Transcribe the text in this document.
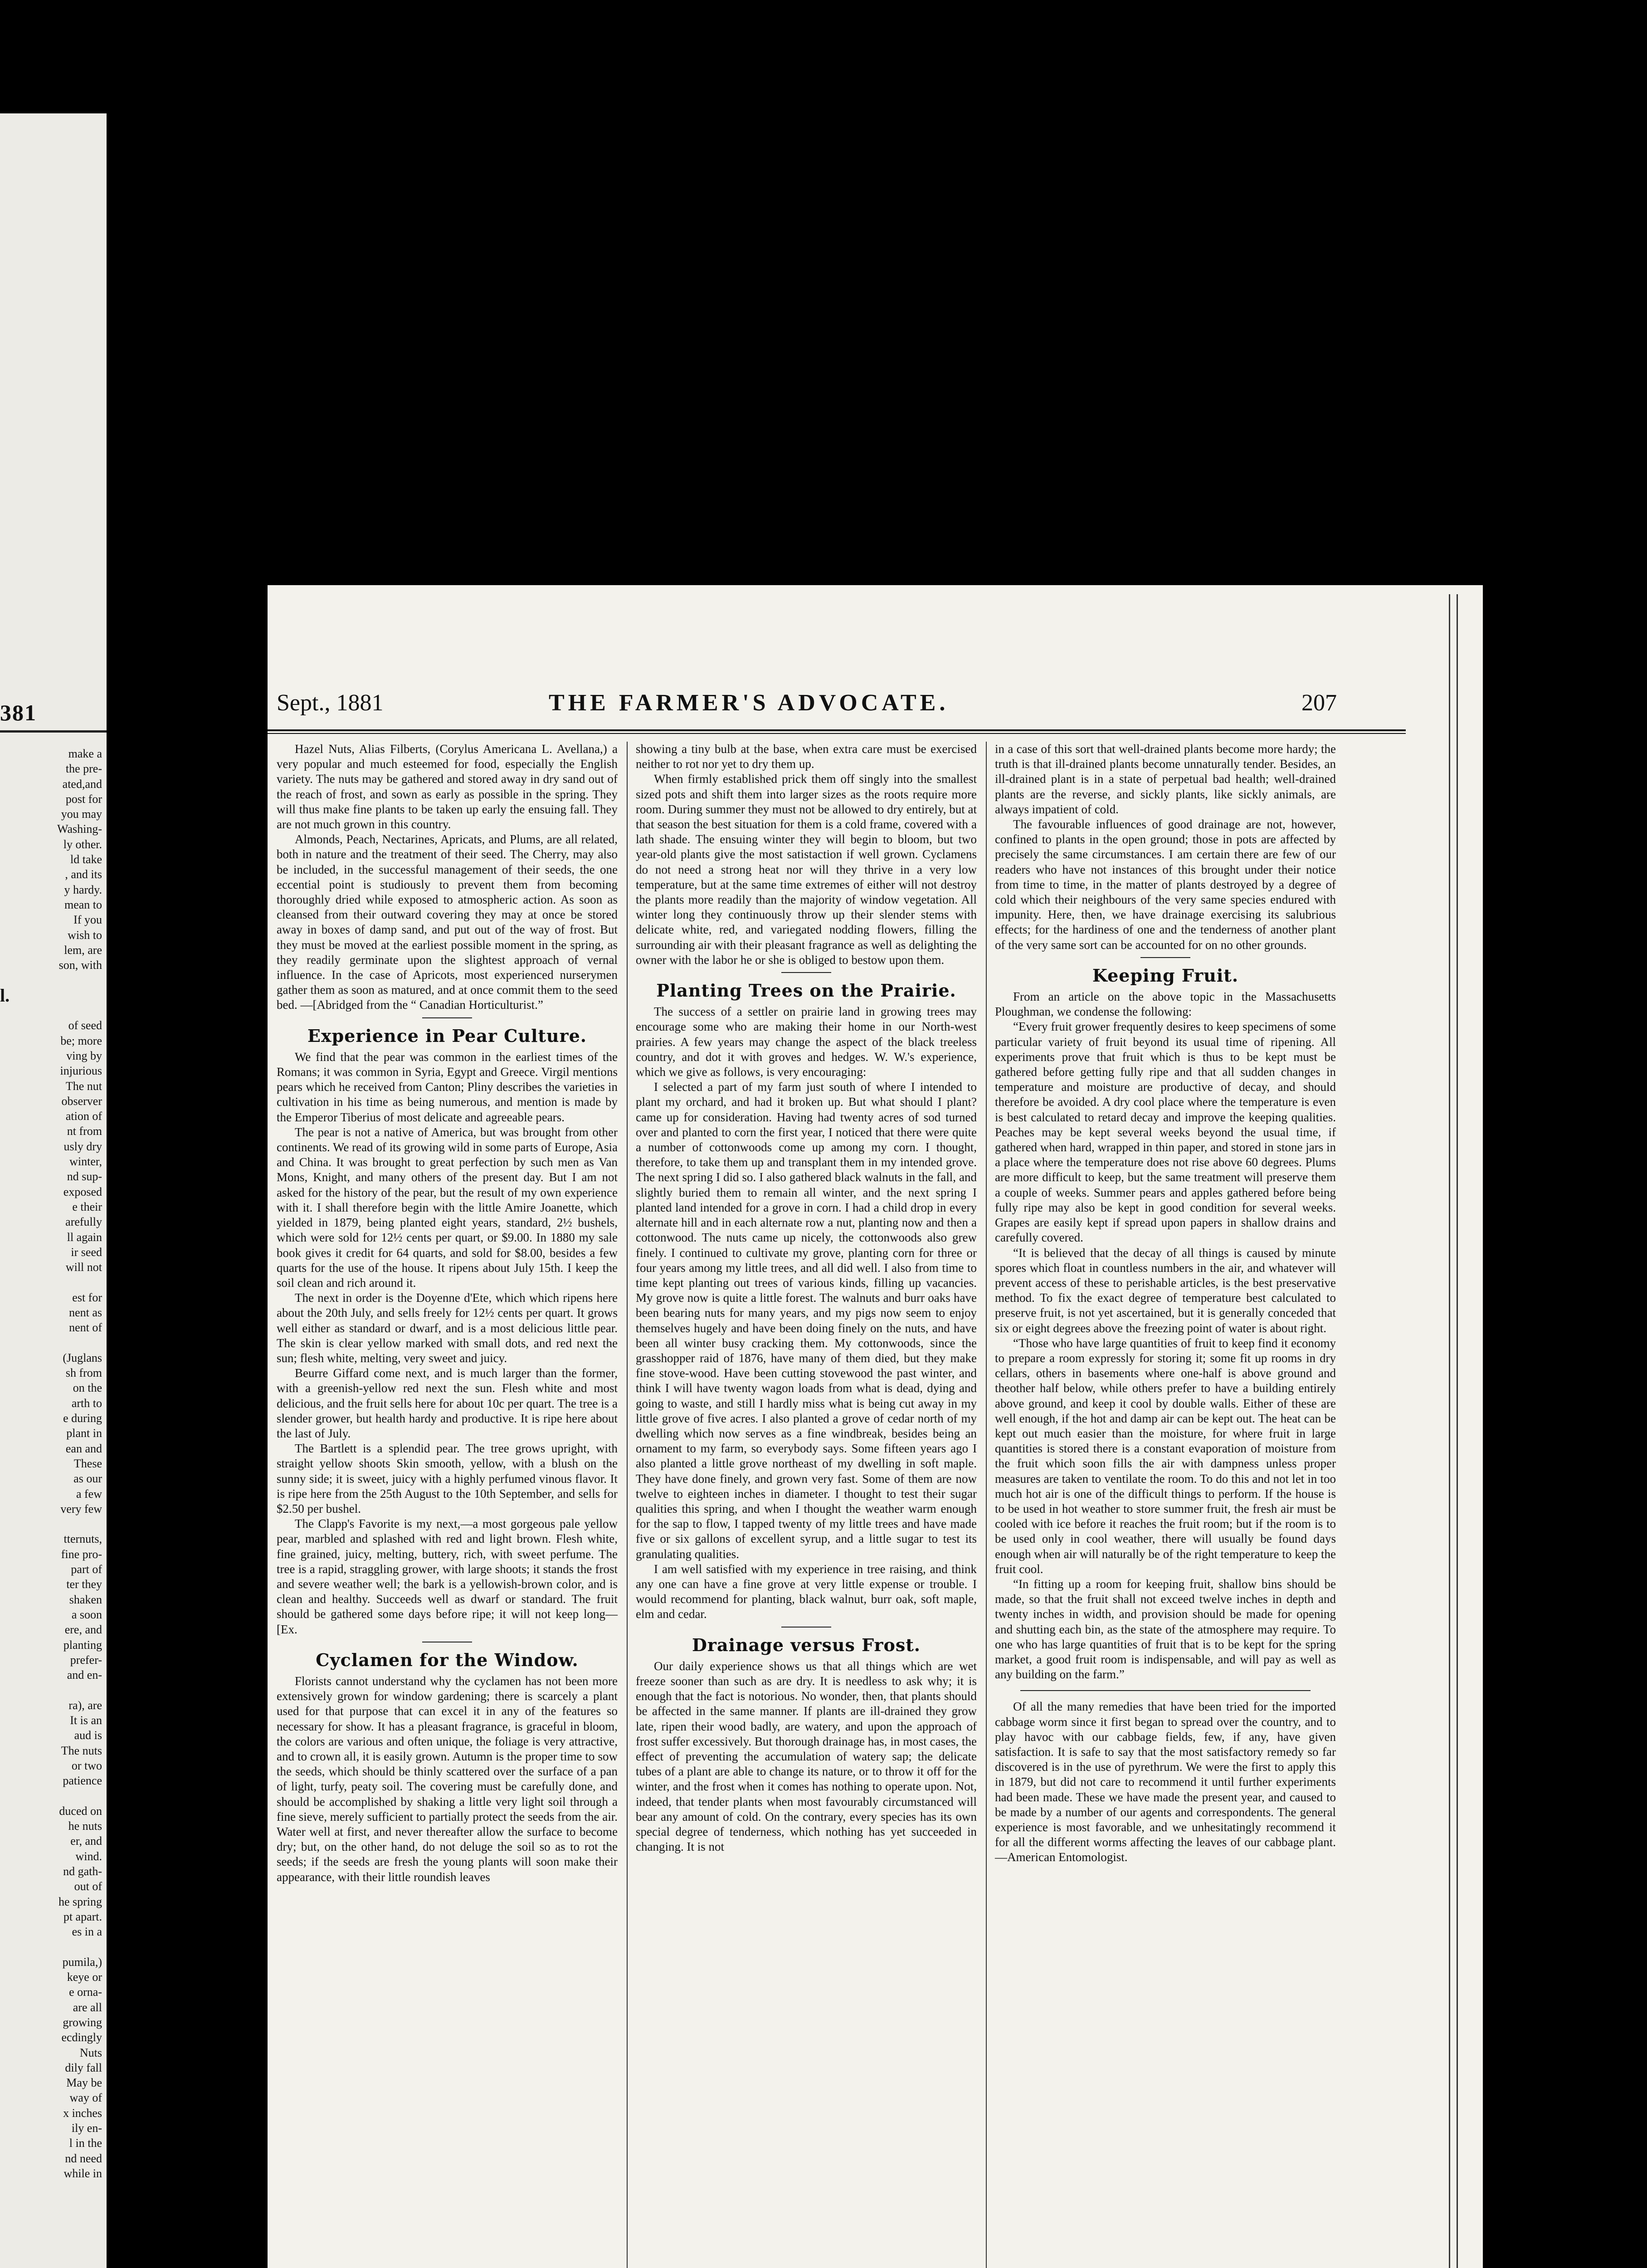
381
make a
the pre-
ated,and
post for
you may
Washing-
ly other.
ld take
, and its
y hardy.
mean to
If you
wish to
lem, are
son, with
l.
of seed
be; more
ving by
injurious
The nut
observer
ation of
nt from
usly dry
winter,
nd sup-
exposed
e their
arefully
ll again
ir seed
will not
est for
nent as
nent of
(Juglans
sh from
on the
arth to
e during
plant in
ean and
These
as our
a few
very few
tternuts,
fine pro-
part of
ter they
shaken
a soon
ere, and
planting
prefer-
and en-
ra), are
It is an
aud is
The nuts
or two
patience
duced on
he nuts
er, and
wind.
nd gath-
out of
he spring
pt apart.
es in a
pumila,)
keye or
e orna-
are all
growing
ecdingly
Nuts
dily fall
May be
way of
x inches
ily en-
l in the
nd need
while in
Sept., 1881	THE FARMER'S ADVOCATE.	207

Hazel Nuts, Alias Filberts, (Corylus Americana L. Avellana,) a very popular and much esteemed for food, especially the English variety. The nuts may be gathered and stored away in dry sand out of the reach of frost, and sown as early as possible in the spring. They will thus make fine plants to be taken up early the ensuing fall. They are not much grown in this country.

Almonds, Peach, Nectarines, Apricats, and Plums, are all related, both in nature and the treatment of their seed. The Cherry, may also be included, in the successful management of their seeds, the one eccential point is studiously to prevent them from becoming thoroughly dried while exposed to atmospheric action. As soon as cleansed from their outward covering they may at once be stored away in boxes of damp sand, and put out of the way of frost. But they must be moved at the earliest possible moment in the spring, as they readily germinate upon the slightest approach of vernal influence. In the case of Apricots, most experienced nurserymen gather them as soon as matured, and at once commit them to the seed bed. —[Abridged from the “ Canadian Horticulturist.”

Experience in Pear Culture.

We find that the pear was common in the earliest times of the Romans; it was common in Syria, Egypt and Greece. Virgil mentions pears which he received from Canton; Pliny describes the varieties in cultivation in his time as being numerous, and mention is made by the Emperor Tiberius of most delicate and agreeable pears.

The pear is not a native of America, but was brought from other continents. We read of its growing wild in some parts of Europe, Asia and China. It was brought to great perfection by such men as Van Mons, Knight, and many others of the present day. But I am not asked for the history of the pear, but the result of my own experience with it. I shall therefore begin with the little Amire Joanette, which yielded in 1879, being planted eight years, standard, 2½ bushels, which were sold for 12½ cents per quart, or $9.00. In 1880 my sale book gives it credit for 64 quarts, and sold for $8.00, besides a few quarts for the use of the house. It ripens about July 15th. I keep the soil clean and rich around it.

The next in order is the Doyenne d'Ete, which which ripens here about the 20th July, and sells freely for 12½ cents per quart. It grows well either as standard or dwarf, and is a most delicious little pear. The skin is clear yellow marked with small dots, and red next the sun; flesh white, melting, very sweet and juicy.

Beurre Giffard come next, and is much larger than the former, with a greenish-yellow red next the sun. Flesh white and most delicious, and the fruit sells here for about 10c per quart. The tree is a slender grower, but health hardy and productive. It is ripe here about the last of July.

The Bartlett is a splendid pear. The tree grows upright, with straight yellow shoots Skin smooth, yellow, with a blush on the sunny side; it is sweet, juicy with a highly perfumed vinous flavor. It is ripe here from the 25th August to the 10th September, and sells for $2.50 per bushel.

The Clapp's Favorite is my next,—a most gorgeous pale yellow pear, marbled and splashed with red and light brown. Flesh white, fine grained, juicy, melting, buttery, rich, with sweet perfume. The tree is a rapid, straggling grower, with large shoots; it stands the frost and severe weather well; the bark is a yellowish-brown color, and is clean and healthy. Succeeds well as dwarf or standard. The fruit should be gathered some days before ripe; it will not keep long—[Ex.

Cyclamen for the Window.

Florists cannot understand why the cyclamen has not been more extensively grown for window gardening; there is scarcely a plant used for that purpose that can excel it in any of the features so necessary for show. It has a pleasant fragrance, is graceful in bloom, the colors are various and often unique, the foliage is very attractive, and to crown all, it is easily grown. Autumn is the proper time to sow the seeds, which should be thinly scattered over the surface of a pan of light, turfy, peaty soil. The covering must be carefully done, and should be accomplished by shaking a little very light soil through a fine sieve, merely sufficient to partially protect the seeds from the air. Water well at first, and never thereafter allow the surface to become dry; but, on the other hand, do not deluge the soil so as to rot the seeds; if the seeds are fresh the young plants will soon make their appearance, with their little roundish leaves

showing a tiny bulb at the base, when extra care must be exercised neither to rot nor yet to dry them up.

When firmly established prick them off singly into the smallest sized pots and shift them into larger sizes as the roots require more room. During summer they must not be allowed to dry entirely, but at that season the best situation for them is a cold frame, covered with a lath shade. The ensuing winter they will begin to bloom, but two year-old plants give the most satistaction if well grown. Cyclamens do not need a strong heat nor will they thrive in a very low temperature, but at the same time extremes of either will not destroy the plants more readily than the majority of window vegetation. All winter long they continuously throw up their slender stems with delicate white, red, and variegated nodding flowers, filling the surrounding air with their pleasant fragrance as well as delighting the owner with the labor he or she is obliged to bestow upon them.

Planting Trees on the Prairie.

The success of a settler on prairie land in growing trees may encourage some who are making their home in our North-west prairies. A few years may change the aspect of the black treeless country, and dot it with groves and hedges. W. W.'s experience, which we give as follows, is very encouraging:

I selected a part of my farm just south of where I intended to plant my orchard, and had it broken up. But what should I plant? came up for consideration. Having had twenty acres of sod turned over and planted to corn the first year, I noticed that there were quite a number of cottonwoods come up among my corn. I thought, therefore, to take them up and transplant them in my intended grove. The next spring I did so. I also gathered black walnuts in the fall, and slightly buried them to remain all winter, and the next spring I planted land intended for a grove in corn. I had a child drop in every alternate hill and in each alternate row a nut, planting now and then a cottonwood. The nuts came up nicely, the cottonwoods also grew finely. I continued to cultivate my grove, planting corn for three or four years among my little trees, and all did well. I also from time to time kept planting out trees of various kinds, filling up vacancies. My grove now is quite a little forest. The walnuts and burr oaks have been bearing nuts for many years, and my pigs now seem to enjoy themselves hugely and have been doing finely on the nuts, and have been all winter busy cracking them. My cottonwoods, since the grasshopper raid of 1876, have many of them died, but they make fine stove-wood. Have been cutting stovewood the past winter, and think I will have twenty wagon loads from what is dead, dying and going to waste, and still I hardly miss what is being cut away in my little grove of five acres. I also planted a grove of cedar north of my dwelling which now serves as a fine windbreak, besides being an ornament to my farm, so everybody says. Some fifteen years ago I also planted a little grove northeast of my dwelling in soft maple. They have done finely, and grown very fast. Some of them are now twelve to eighteen inches in diameter. I thought to test their sugar qualities this spring, and when I thought the weather warm enough for the sap to flow, I tapped twenty of my little trees and have made five or six gallons of excellent syrup, and a little sugar to test its granulating qualities.

I am well satisfied with my experience in tree raising, and think any one can have a fine grove at very little expense or trouble. I would recommend for planting, black walnut, burr oak, soft maple, elm and cedar.

Drainage versus Frost.

Our daily experience shows us that all things which are wet freeze sooner than such as are dry. It is needless to ask why; it is enough that the fact is notorious. No wonder, then, that plants should be affected in the same manner. If plants are ill-drained they grow late, ripen their wood badly, are watery, and upon the approach of frost suffer excessively. But thorough drainage has, in most cases, the effect of preventing the accumulation of watery sap; the delicate tubes of a plant are able to change its nature, or to throw it off for the winter, and the frost when it comes has nothing to operate upon. Not, indeed, that tender plants when most favourably circumstanced will bear any amount of cold. On the contrary, every species has its own special degree of tenderness, which nothing has yet succeeded in changing. It is not

in a case of this sort that well-drained plants become more hardy; the truth is that ill-drained plants become unnaturally tender. Besides, an ill-drained plant is in a state of perpetual bad health; well-drained plants are the reverse, and sickly plants, like sickly animals, are always impatient of cold.

The favourable influences of good drainage are not, however, confined to plants in the open ground; those in pots are affected by precisely the same circumstances. I am certain there are few of our readers who have not instances of this brought under their notice from time to time, in the matter of plants destroyed by a degree of cold which their neighbours of the very same species endured with impunity. Here, then, we have drainage exercising its salubrious effects; for the hardiness of one and the tenderness of another plant of the very same sort can be accounted for on no other grounds.

Keeping Fruit.

From an article on the above topic in the Massachusetts Ploughman, we condense the following:

“Every fruit grower frequently desires to keep specimens of some particular variety of fruit beyond its usual time of ripening. All experiments prove that fruit which is thus to be kept must be gathered before getting fully ripe and that all sudden changes in temperature and moisture are productive of decay, and should therefore be avoided. A dry cool place where the temperature is even is best calculated to retard decay and improve the keeping qualities. Peaches may be kept several weeks beyond the usual time, if gathered when hard, wrapped in thin paper, and stored in stone jars in a place where the temperature does not rise above 60 degrees. Plums are more difficult to keep, but the same treatment will preserve them a couple of weeks. Summer pears and apples gathered before being fully ripe may also be kept in good condition for several weeks. Grapes are easily kept if spread upon papers in shallow drains and carefully covered.

“It is believed that the decay of all things is caused by minute spores which float in countless numbers in the air, and whatever will prevent access of these to perishable articles, is the best preservative method. To fix the exact degree of temperature best calculated to preserve fruit, is not yet ascertained, but it is generally conceded that six or eight degrees above the freezing point of water is about right.

“Those who have large quantities of fruit to keep find it economy to prepare a room expressly for storing it; some fit up rooms in dry cellars, others in basements where one-half is above ground and theother half below, while others prefer to have a building entirely above ground, and keep it cool by double walls. Either of these are well enough, if the hot and damp air can be kept out. The heat can be kept out much easier than the moisture, for where fruit in large quantities is stored there is a constant evaporation of moisture from the fruit which soon fills the air with dampness unless proper measures are taken to ventilate the room. To do this and not let in too much hot air is one of the difficult things to perform. If the house is to be used in hot weather to store summer fruit, the fresh air must be cooled with ice before it reaches the fruit room; but if the room is to be used only in cool weather, there will usually be found days enough when air will naturally be of the right temperature to keep the fruit cool.

“In fitting up a room for keeping fruit, shallow bins should be made, so that the fruit shall not exceed twelve inches in depth and twenty inches in width, and provision should be made for opening and shutting each bin, as the state of the atmosphere may require. To one who has large quantities of fruit that is to be kept for the spring market, a good fruit room is indispensable, and will pay as well as any building on the farm.”

Of all the many remedies that have been tried for the imported cabbage worm since it first began to spread over the country, and to play havoc with our cabbage fields, few, if any, have given satisfaction. It is safe to say that the most satisfactory remedy so far discovered is in the use of pyrethrum. We were the first to apply this in 1879, but did not care to recommend it until further experiments had been made. These we have made the present year, and caused to be made by a number of our agents and correspondents. The general experience is most favorable, and we unhesitatingly recommend it for all the different worms affecting the leaves of our cabbage plant.—American Entomologist.
